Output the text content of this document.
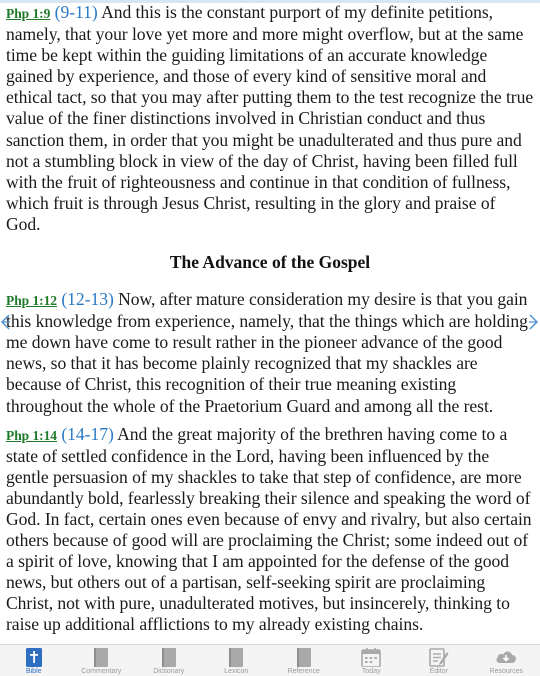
Php 1:9 (9-11) And this is the constant purport of my definite petitions, namely, that your love yet more and more might overflow, but at the same time be kept within the guiding limitations of an accurate knowledge gained by experience, and those of every kind of sensitive moral and ethical tact, so that you may after putting them to the test recognize the true value of the finer distinctions involved in Christian conduct and thus sanction them, in order that you might be unadulterated and thus pure and not a stumbling block in view of the day of Christ, having been filled full with the fruit of righteousness and continue in that condition of fullness, which fruit is through Jesus Christ, resulting in the glory and praise of God.

The Advance of the Gospel

Php 1:12 (12-13) Now, after mature consideration my desire is that you gain this knowledge from experience, namely, that the things which are holding me down have come to result rather in the pioneer advance of the good news, so that it has become plainly recognized that my shackles are because of Christ, this recognition of their true meaning existing throughout the whole of the Praetorium Guard and among all the rest.

Php 1:14 (14-17) And the great majority of the brethren having come to a state of settled confidence in the Lord, having been influenced by the gentle persuasion of my shackles to take that step of confidence, are more abundantly bold, fearlessly breaking their silence and speaking the word of God. In fact, certain ones even because of envy and rivalry, but also certain others because of good will are proclaiming the Christ; some indeed out of a spirit of love, knowing that I am appointed for the defense of the good news, but others out of a partisan, self-seeking spirit are proclaiming Christ, not with pure, unadulterated motives, but insincerely, thinking to raise up additional afflictions to my already existing chains.

Bible	Commentary	Dictionary	Lexicon	Reference	Today	Editor	Resources
